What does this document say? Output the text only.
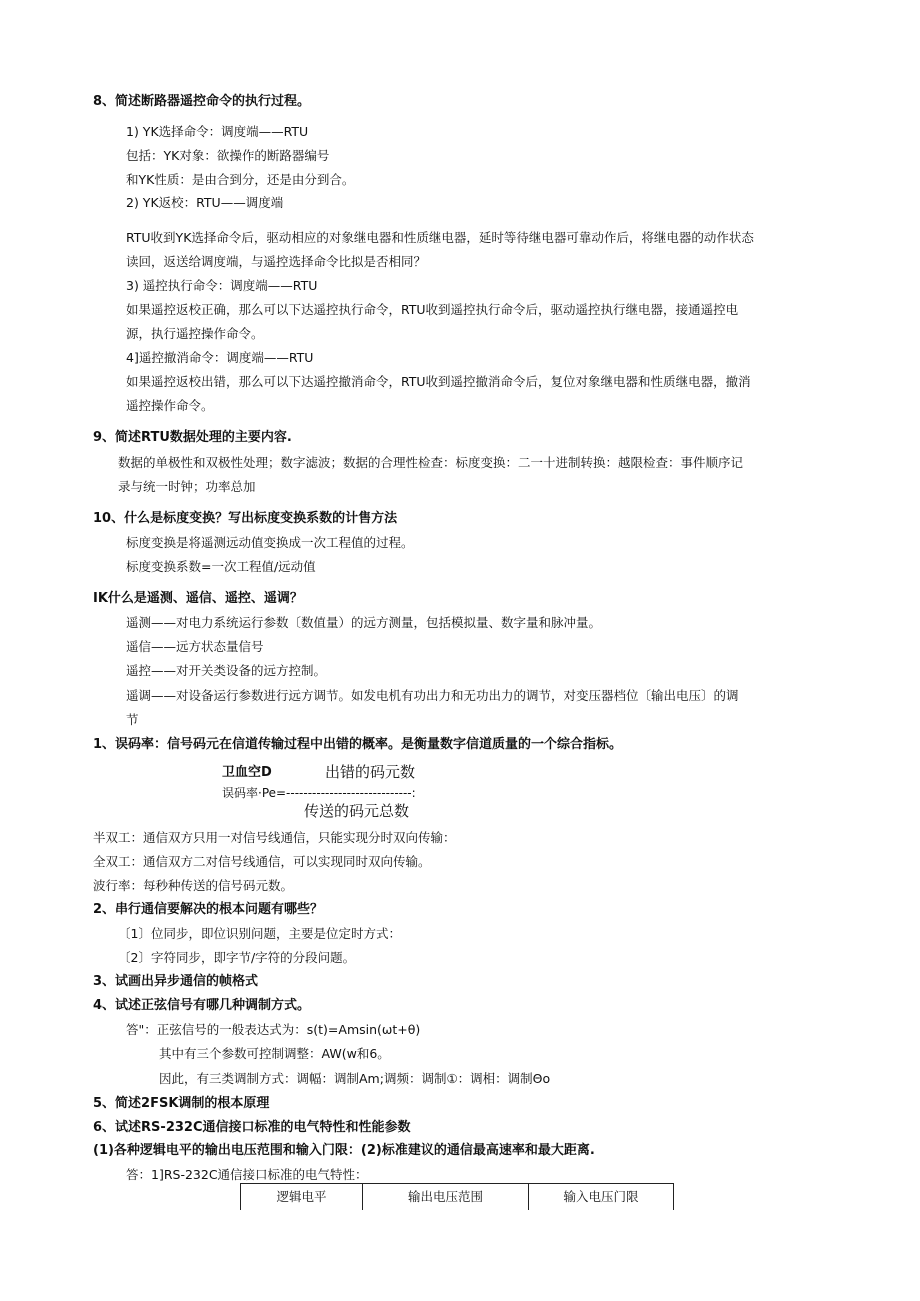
8、简述断路器遥控命令的执行过程。
1) YK选择命令：调度端——RTU
包括：YK对象：欲操作的断路器编号
和YK性质：是由合到分，还是由分到合。
2) YK返校：RTU——调度端
RTU收到YK选择命令后，驱动相应的对象继电器和性质继电器，延时等待继电器可靠动作后，将继电器的动作状态
读回，返送给调度端，与遥控选择命令比拟是否相同？
3) 遥控执行命令：调度端——RTU
如果遥控返校正确，那么可以下达遥控执行命令，RTU收到遥控执行命令后，驱动遥控执行继电器，接通遥控电
源，执行遥控操作命令。
4]遥控撤消命令：调度端——RTU
如果遥控返校出错，那么可以下达遥控撤消命令，RTU收到遥控撤消命令后，复位对象继电器和性质继电器，撤消
遥控操作命令。
9、简述RTU数据处理的主要内容.
数据的单极性和双极性处理；数字滤波；数据的合理性检查：标度变换：二一十进制转换：越限检查：事件顺序记
录与统一时钟；功率总加
10、什么是标度变换？写出标度变换系数的计售方法
标度变换是将遥测远动值变换成一次工程值的过程。
标度变换系数=一次工程值/远动值
IK什么是遥测、遥信、遥控、遥调？
遥测——对电力系统运行参数〔数值量）的远方测量，包括模拟量、数字量和脉冲量。
遥信——远方状态量信号
遥控——对开关类设备的远方控制。
遥调——对设备运行参数进行远方调节。如发电机有功出力和无功出力的调节，对变压器档位〔输出电压〕的调
节
1、误码率：信号码元在信道传输过程中出错的概率。是衡量数字信道质量的一个综合指标。
卫血空D	出错的码元数
误码率·Pe=-----------------------------:
传送的码元总数
半双工：通信双方只用一对信号线通信，只能实现分时双向传输：
全双工：通信双方二对信号线通信，可以实现同时双向传输。
波行率：每秒种传送的信号码元数。
2、串行通信要解决的根本问题有哪些？
〔1〕位同步，即位识别问题，主要是位定时方式：
〔2〕字符同步，即字节/字符的分段问题。
3、试画出异步通信的帧格式
4、试述正弦信号有哪几种调制方式。
答"：正弦信号的一般表达式为：s(t)=Amsin(ωt+θ)
其中有三个参数可控制调整：AW(w和6。
因此，有三类调制方式：调幅：调制Am;调频：调制①：调相：调制Θo
5、简述2FSK调制的根本原理
6、试述RS-232C通信接口标准的电气特性和性能参数
(1)各种逻辑电平的输出电压范围和输入门限：(2)标准建议的通信最高速率和最大距离.
答：1]RS-232C通信接口标准的电气特性：
逻辑电平	输出电压范围	输入电压门限
